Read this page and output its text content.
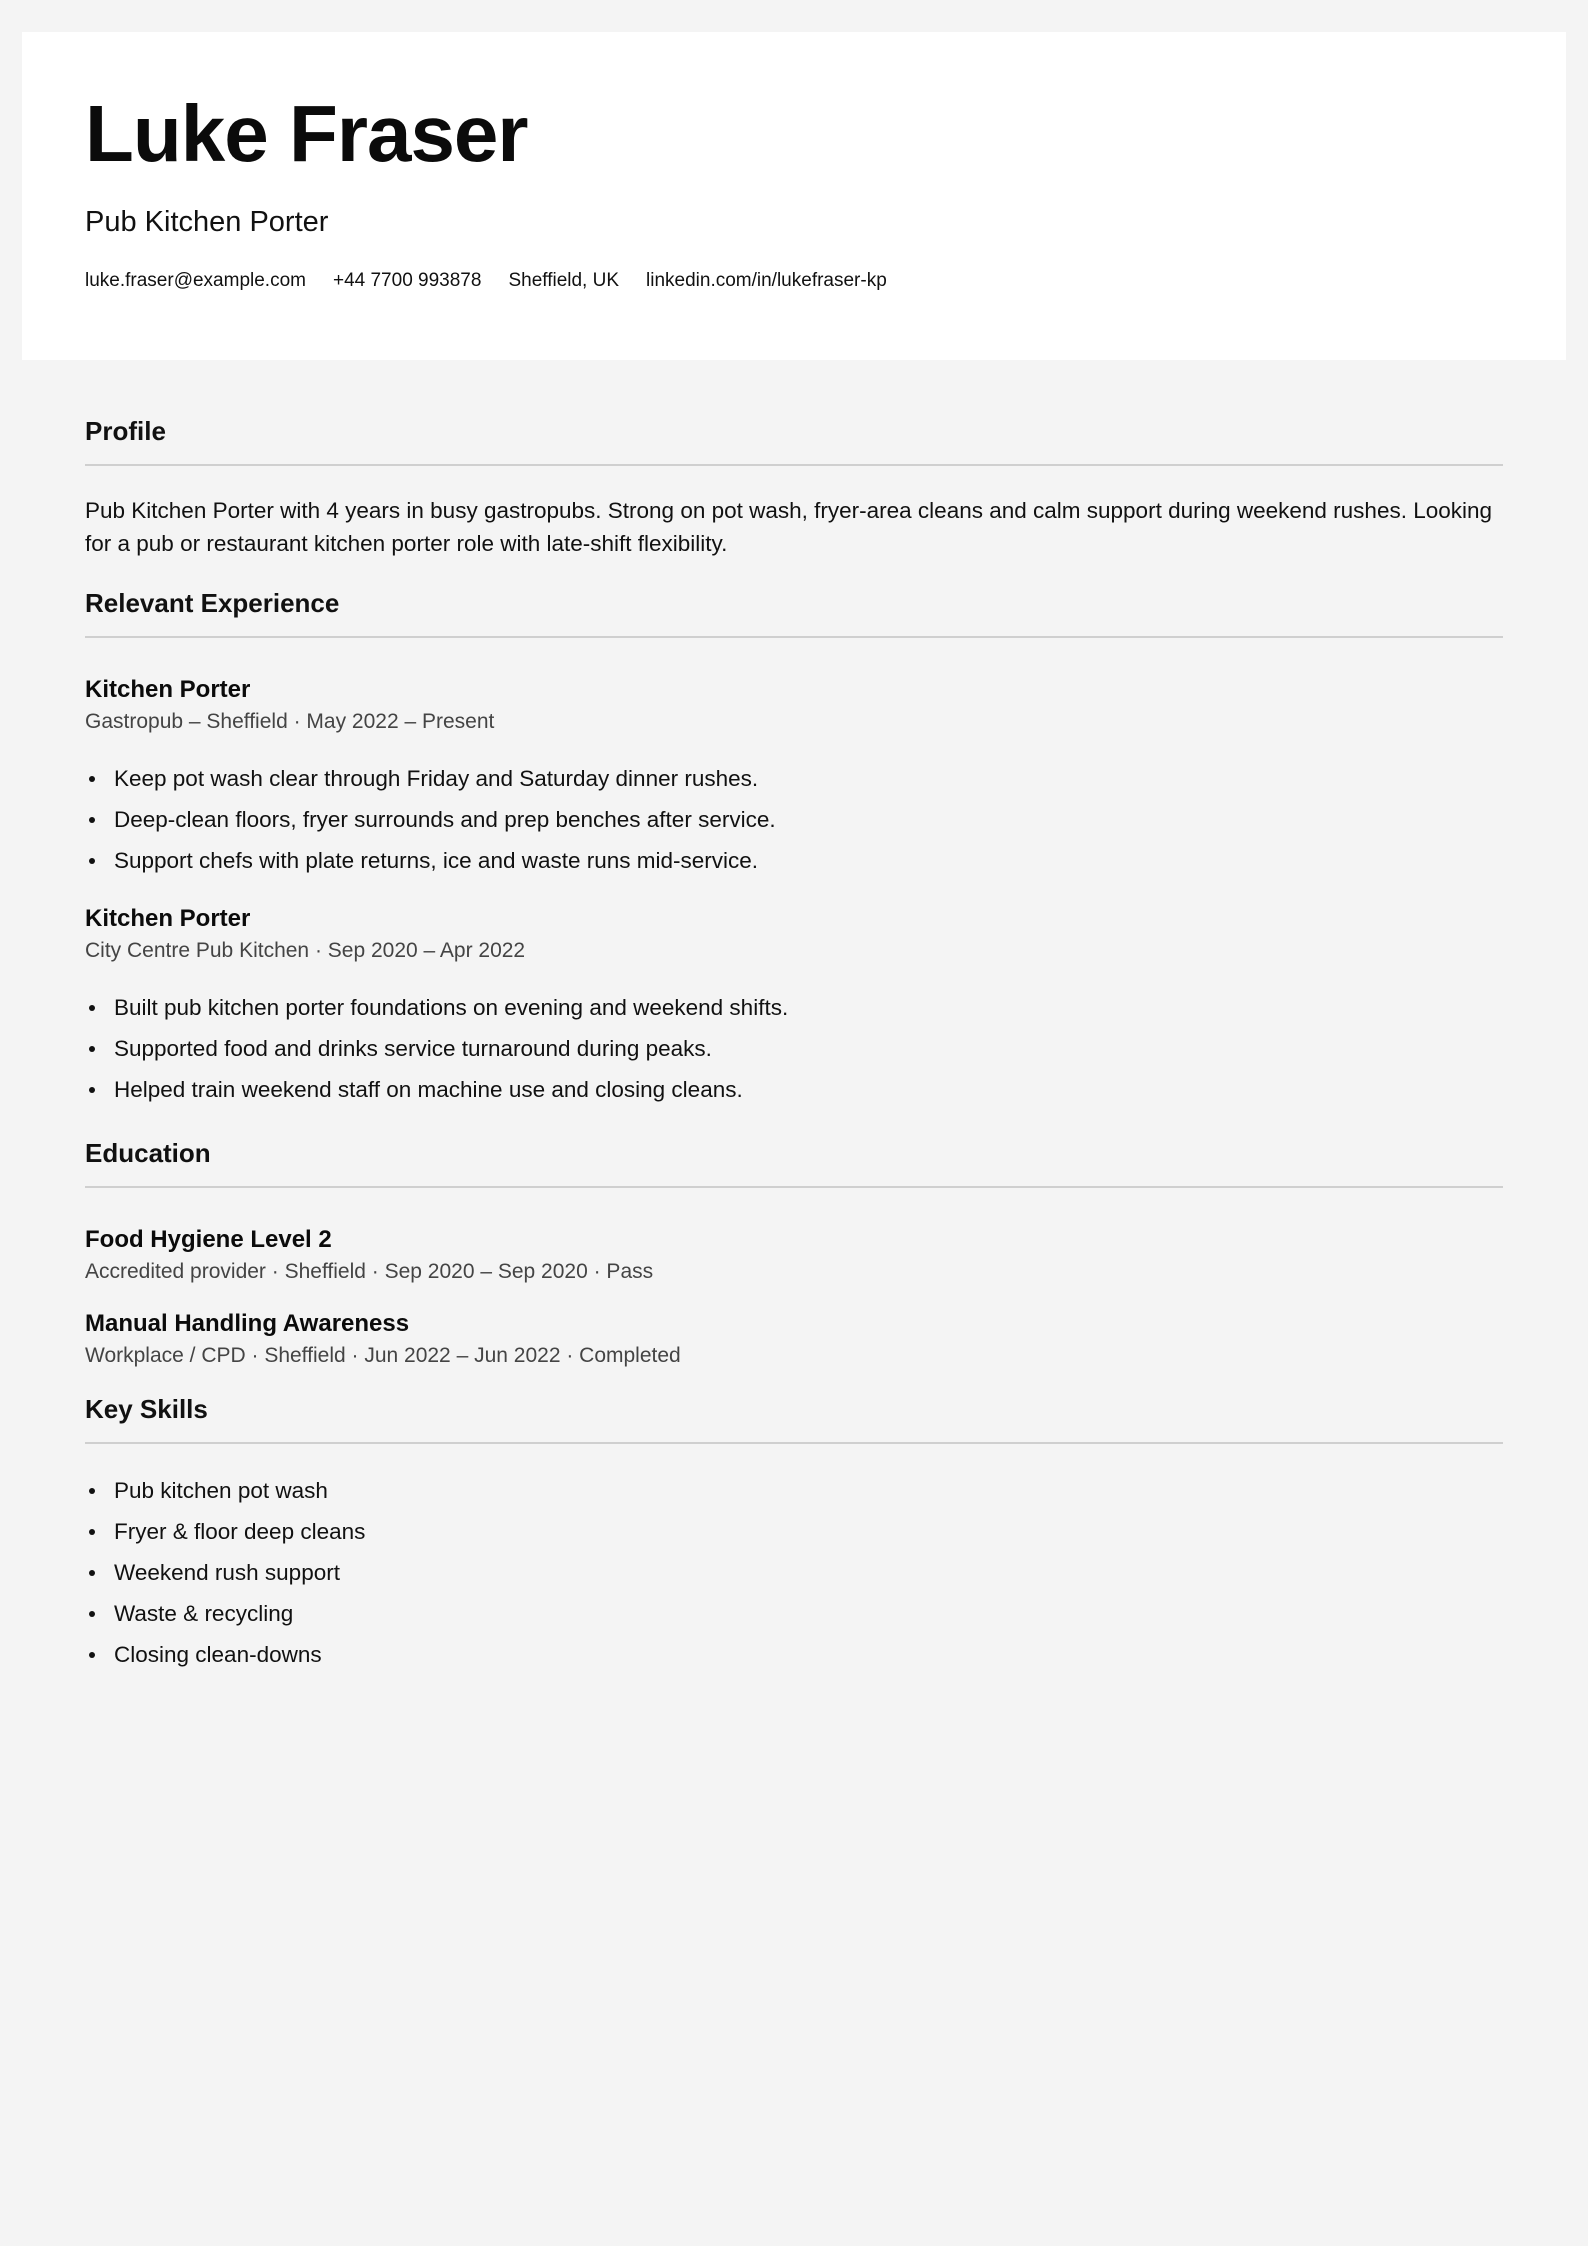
Luke Fraser
Pub Kitchen Porter
luke.fraser@example.com +44 7700 993878 Sheffield, UK linkedin.com/in/lukefraser-kp
Profile

Pub Kitchen Porter with 4 years in busy gastropubs. Strong on pot wash, fryer-area cleans and calm support during weekend rushes. Looking for a pub or restaurant kitchen porter role with late-shift flexibility.

Relevant Experience
Kitchen Porter
Gastropub – Sheffield · May 2022 – Present
Keep pot wash clear through Friday and Saturday dinner rushes.
Deep-clean floors, fryer surrounds and prep benches after service.
Support chefs with plate returns, ice and waste runs mid-service.
Kitchen Porter
City Centre Pub Kitchen · Sep 2020 – Apr 2022
Built pub kitchen porter foundations on evening and weekend shifts.
Supported food and drinks service turnaround during peaks.
Helped train weekend staff on machine use and closing cleans.
Education
Food Hygiene Level 2
Accredited provider · Sheffield · Sep 2020 – Sep 2020 · Pass
Manual Handling Awareness
Workplace / CPD · Sheffield · Jun 2022 – Jun 2022 · Completed
Key Skills
Pub kitchen pot wash
Fryer & floor deep cleans
Weekend rush support
Waste & recycling
Closing clean-downs
